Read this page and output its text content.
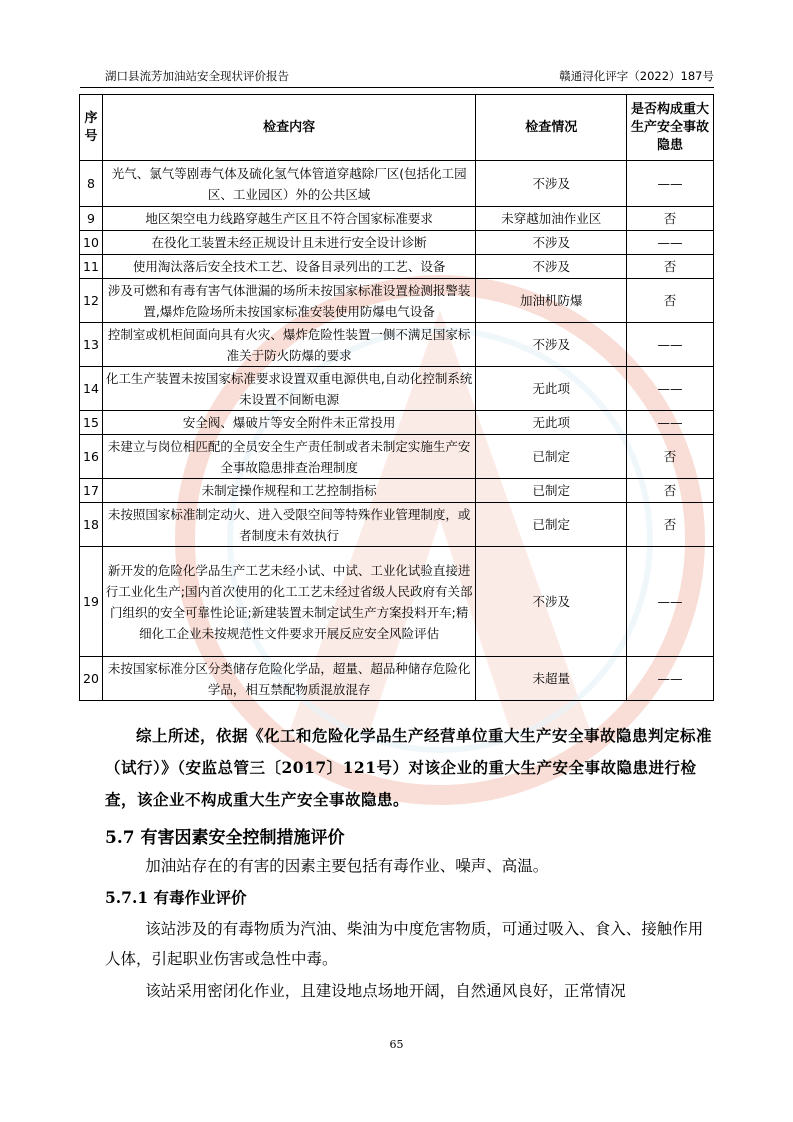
湖口县流芳加油站安全现状评价报告	赣通浔化评字（2022）187号
序号	检查内容	检查情况	是否构成重大生产安全事故隐患
8	光气、氯气等剧毒气体及硫化氢气体管道穿越除厂区(包括化工园区、工业园区）外的公共区域	不涉及	——
9	地区架空电力线路穿越生产区且不符合国家标准要求	未穿越加油作业区	否
10	在役化工装置未经正规设计且未进行安全设计诊断	不涉及	——
11	使用淘汰落后安全技术工艺、设备目录列出的工艺、设备	不涉及	否
12	涉及可燃和有毒有害气体泄漏的场所未按国家标准设置检测报警装置,爆炸危险场所未按国家标准安装使用防爆电气设备	加油机防爆	否
13	控制室或机柜间面向具有火灾、爆炸危险性装置一侧不满足国家标准关于防火防爆的要求	不涉及	——
14	化工生产装置未按国家标准要求设置双重电源供电,自动化控制系统未设置不间断电源	无此项	——
15	安全阀、爆破片等安全附件未正常投用	无此项	——
16	未建立与岗位相匹配的全员安全生产责任制或者未制定实施生产安全事故隐患排查治理制度	已制定	否
17	未制定操作规程和工艺控制指标	已制定	否
18	未按照国家标准制定动火、进入受限空间等特殊作业管理制度，或者制度未有效执行	已制定	否
19	新开发的危险化学品生产工艺未经小试、中试、工业化试验直接进行工业化生产;国内首次使用的化工工艺未经过省级人民政府有关部门组织的安全可靠性论证;新建装置未制定试生产方案投料开车;精细化工企业未按规范性文件要求开展反应安全风险评估	不涉及	——
20	未按国家标准分区分类储存危险化学品，超量、超品种储存危险化学品，相互禁配物质混放混存	未超量	——
综上所述，依据《化工和危险化学品生产经营单位重大生产安全事故隐患判定标准（试行）》（安监总管三〔2017〕121号）对该企业的重大生产安全事故隐患进行检查，该企业不构成重大生产安全事故隐患。
5.7 有害因素安全控制措施评价
加油站存在的有害的因素主要包括有毒作业、噪声、高温。
5.7.1 有毒作业评价
该站涉及的有毒物质为汽油、柴油为中度危害物质，可通过吸入、食入、接触作用人体，引起职业伤害或急性中毒。
该站采用密闭化作业，且建设地点场地开阔，自然通风良好，正常情况
65
